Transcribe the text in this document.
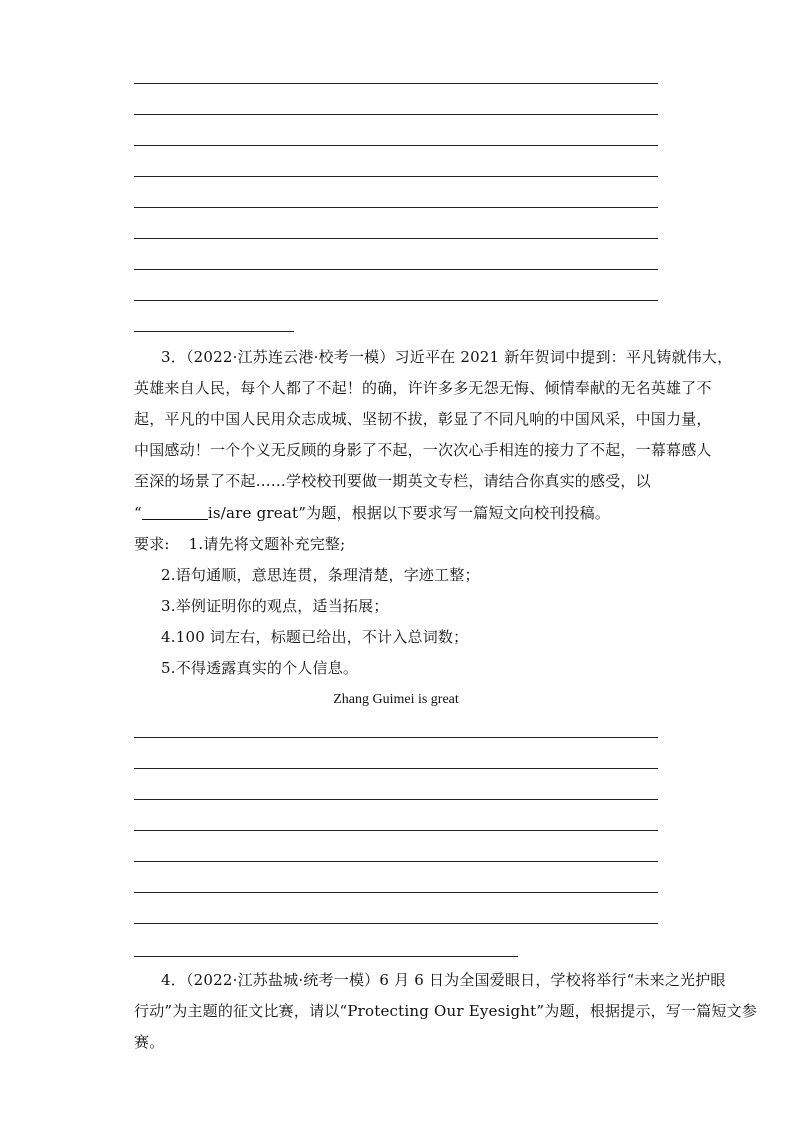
3．（2022·江苏连云港·校考一模）习近平在 2021 新年贺词中提到：平凡铸就伟大，
英雄来自人民，每个人都了不起！的确，许许多多无怨无悔、倾情奉献的无名英雄了不
起，平凡的中国人民用众志成城、坚韧不拔，彰显了不同凡响的中国风采，中国力量，
中国感动！一个个义无反顾的身影了不起，一次次心手相连的接力了不起，一幕幕感人
至深的场景了不起……学校校刊要做一期英文专栏，请结合你真实的感受，以
“	is/are great”为题，根据以下要求写一篇短文向校刊投稿。
要求: 1.请先将文题补充完整;
2.语句通顺，意思连贯，条理清楚，字迹工整；
3.举例证明你的观点，适当拓展；
4.100 词左右，标题已给出，不计入总词数；
5.不得透露真实的个人信息。
Zhang Guimei is great
4．（2022·江苏盐城·统考一模）6 月 6 日为全国爱眼日，学校将举行“未来之光护眼
行动”为主题的征文比赛，请以“Protecting Our Eyesight”为题，根据提示，写一篇短文参
赛。
